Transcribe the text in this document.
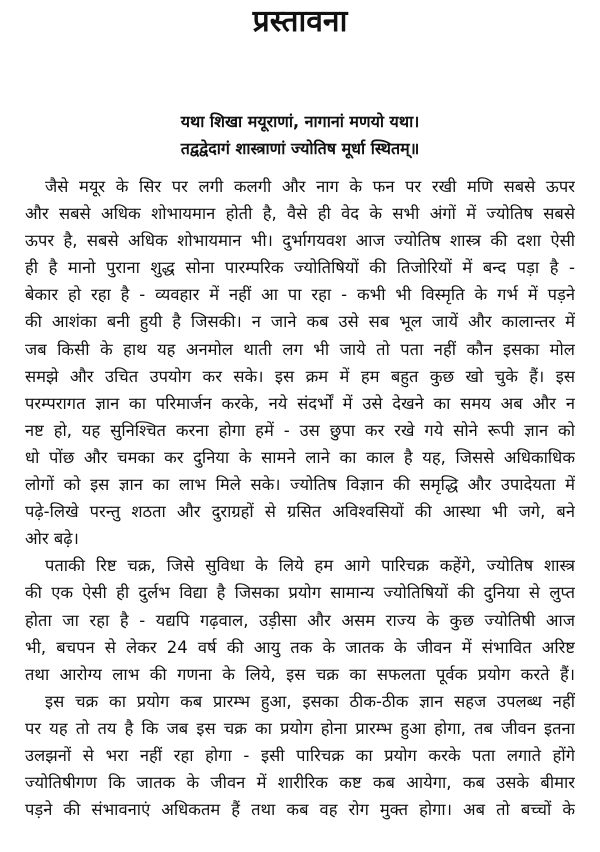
प्रस्तावना
यथा शिखा मयूराणां, नागानां मणयो यथा।
तद्वद्वेदागं शास्त्राणां ज्योतिष मूर्धा स्थितम्॥
जैसे मयूर के सिर पर लगी कलगी और नाग के फन पर रखी मणि सबसे ऊपर
और सबसे अधिक शोभायमान होती है, वैसे ही वेद के सभी अंगों में ज्योतिष सबसे
ऊपर है, सबसे अधिक शोभायमान भी। दुर्भागयवश आज ज्योतिष शास्त्र की दशा ऐसी
ही है मानो पुराना शुद्ध सोना पारम्परिक ज्योतिषियों की तिजोरियों में बन्द पड़ा है -
बेकार हो रहा है - व्यवहार में नहीं आ पा रहा - कभी भी विस्मृति के गर्भ में पड़ने
की आशंका बनी हुयी है जिसकी। न जाने कब उसे सब भूल जायें और कालान्तर में
जब किसी के हाथ यह अनमोल थाती लग भी जाये तो पता नहीं कौन इसका मोल
समझे और उचित उपयोग कर सके। इस क्रम में हम बहुत कुछ खो चुके हैं। इस
परम्परागत ज्ञान का परिमार्जन करके, नये संदर्भों में उसे देखने का समय अब और न
नष्ट हो, यह सुनिश्चित करना होगा हमें - उस छुपा कर रखे गये सोने रूपी ज्ञान को
धो पोंछ और चमका कर दुनिया के सामने लाने का काल है यह, जिससे अधिकाधिक
लोगों को इस ज्ञान का लाभ मिले सके। ज्योतिष विज्ञान की समृद्धि और उपादेयता में
पढ़े-लिखे परन्तु शठता और दुराग्रहों से ग्रसित अविश्वसियों की आस्था भी जगे, बने
ओर बढ़े।
पताकी रिष्ट चक्र, जिसे सुविधा के लिये हम आगे पारिचक्र कहेंगे, ज्योतिष शास्त्र
की एक ऐसी ही दुर्लभ विद्या है जिसका प्रयोग सामान्य ज्योतिषियों की दुनिया से लुप्त
होता जा रहा है - यद्यपि गढ़वाल, उड़ीसा और असम राज्य के कुछ ज्योतिषी आज
भी, बचपन से लेकर 24 वर्ष की आयु तक के जातक के जीवन में संभावित अरिष्ट
तथा आरोग्य लाभ की गणना के लिये, इस चक्र का सफलता पूर्वक प्रयोग करते हैं।
इस चक्र का प्रयोग कब प्रारम्भ हुआ, इसका ठीक-ठीक ज्ञान सहज उपलब्ध नहीं
पर यह तो तय है कि जब इस चक्र का प्रयोग होना प्रारम्भ हुआ होगा, तब जीवन इतना
उलझनों से भरा नहीं रहा होगा - इसी पारिचक्र का प्रयोग करके पता लगाते होंगे
ज्योतिषीगण कि जातक के जीवन में शारीरिक कष्ट कब आयेगा, कब उसके बीमार
पड़ने की संभावनाएं अधिकतम हैं तथा कब वह रोग मुक्त होगा। अब तो बच्चों के
